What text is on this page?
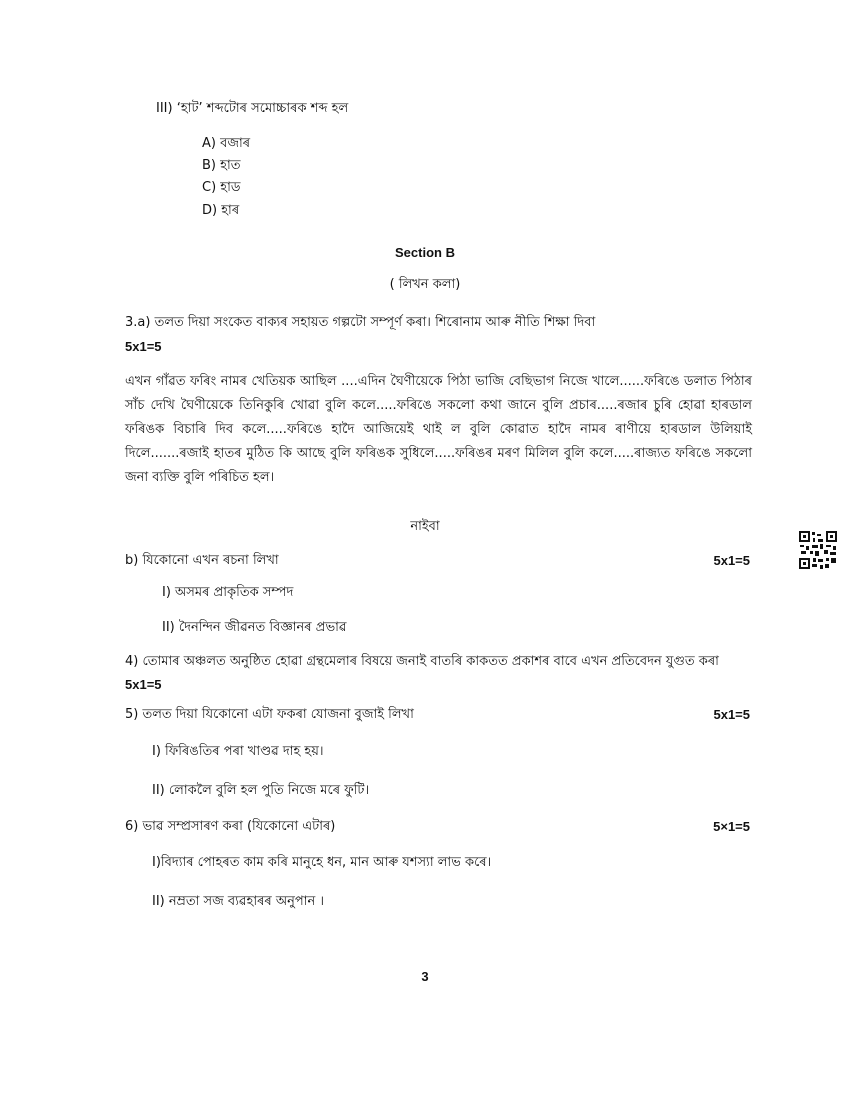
III) ‘হাট’ শব্দটোৰ সমোচ্চাৰক শব্দ হল
A) বজাৰ
B) হাত
C) হাড
D) হাৰ
Section B
( লিখন কলা)
3.a) তলত দিয়া সংকেত বাক্যৰ সহায়ত গল্পটো সম্পূৰ্ণ কৰা। শিৰোনাম আৰু নীতি শিক্ষা দিবা
5x1=5
এখন গাঁৱত ফৰিং নামৰ খেতিয়ক আছিল ....এদিন ঘৈণীয়েকে পিঠা ভাজি বেছিভাগ নিজে খালে......ফৰিঙে ডলাত পিঠাৰ সাঁচ দেখি ঘৈণীয়েকে তিনিকুৰি খোৱা বুলি কলে.....ফৰিঙে সকলো কথা জানে বুলি প্ৰচাৰ.....ৰজাৰ চুৰি হোৱা হাৰডাল ফৰিঙক বিচাৰি দিব কলে.....ফৰিঙে হাদৈ আজিয়েই থাই ল বুলি কোৱাত হাদৈ নামৰ ৰাণীয়ে হাৰডাল উলিয়াই দিলে.......ৰজাই হাতৰ মুঠিত কি আছে বুলি ফৰিঙক সুধিলে.....ফৰিঙৰ মৰণ মিলিল বুলি কলে.....ৰাজ্যত ফৰিঙে সকলো জনা ব্যক্তি বুলি পৰিচিত হল।
নাইবা
b) যিকোনো এখন ৰচনা লিখা	5x1=5
I) অসমৰ প্ৰাকৃতিক সম্পদ
II) দৈনন্দিন জীৱনত বিজ্ঞানৰ প্ৰভাৱ
4) তোমাৰ অঞ্চলত অনুষ্ঠিত হোৱা গ্ৰন্থমেলাৰ বিষয়ে জনাই বাতৰি কাকতত প্ৰকাশৰ বাবে এখন প্ৰতিবেদন যুগুত কৰা
5x1=5
5) তলত দিয়া যিকোনো এটা ফকৰা যোজনা বুজাই লিখা	5x1=5
I) ফিৰিঙতিৰ পৰা খাণ্ডৱ দাহ হয়।
II) লোকলৈ বুলি হল পুতি নিজে মৰে ফুটি।
6) ভাৱ সম্প্ৰসাৰণ কৰা (যিকোনো এটাৰ)	5×1=5
I)বিদ্যাৰ পোহৰত কাম কৰি মানুহে ধন, মান আৰু যশস্যা লাভ কৰে।
II) নম্ৰতা সজ ব্যৱহাৰৰ অনুপান ।
3
